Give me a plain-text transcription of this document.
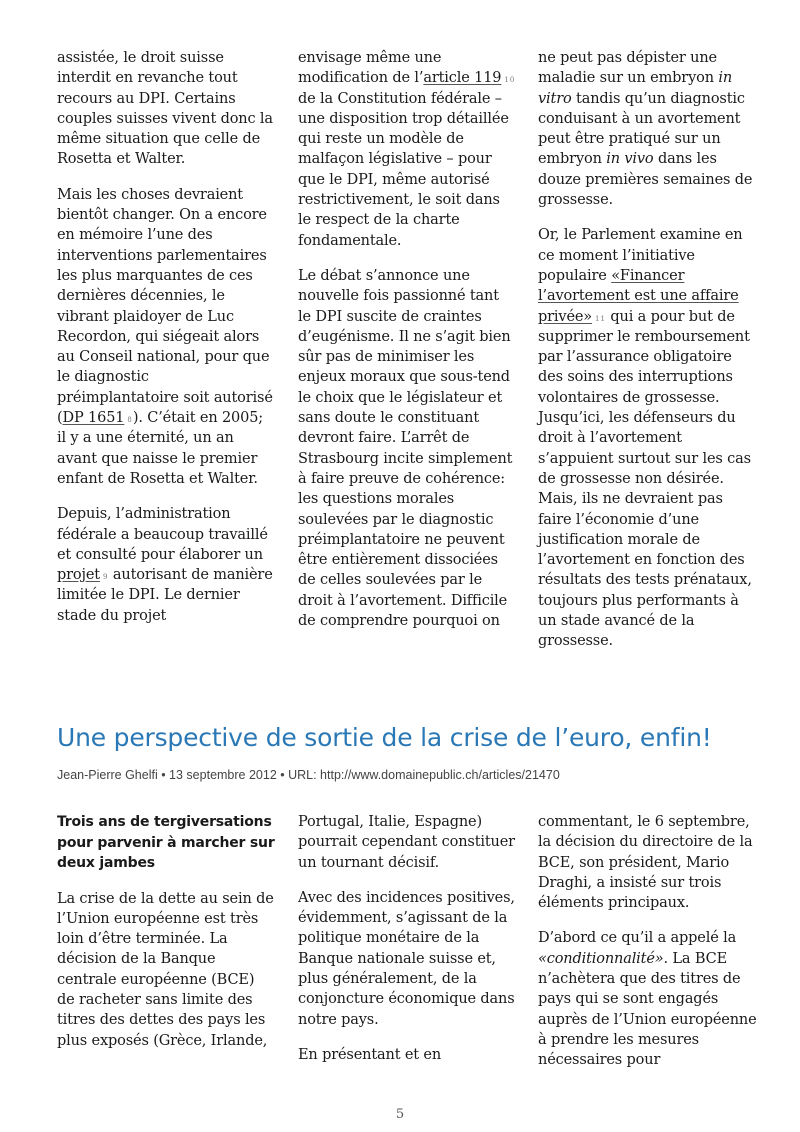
assistée, le droit suisse interdit en revanche tout recours au DPI. Certains couples suisses vivent donc la même situation que celle de Rosetta et Walter.

Mais les choses devraient bientôt changer. On a encore en mémoire l’une des interventions parlementaires les plus marquantes de ces dernières décennies, le vibrant plaidoyer de Luc Recordon, qui siégeait alors au Conseil national, pour que le diagnostic préimplantatoire soit autorisé (DP 1651 $^8$). C’était en 2005; il y a une éternité, un an avant que naisse le premier enfant de Rosetta et Walter.

Depuis, l’administration fédérale a beaucoup travaillé et consulté pour élaborer un projet $^9$ autorisant de manière limitée le DPI. Le dernier stade du projet

envisage même une modification de l’article 119 $^{10}$ de la Constitution fédérale – une disposition trop détaillée qui reste un modèle de malfaçon législative – pour que le DPI, même autorisé restrictivement, le soit dans le respect de la charte fondamentale.

Le débat s’annonce une nouvelle fois passionné tant le DPI suscite de craintes d’eugénisme. Il ne s’agit bien sûr pas de minimiser les enjeux moraux que sous-tend le choix que le législateur et sans doute le constituant devront faire. L’arrêt de Strasbourg incite simplement à faire preuve de cohérence: les questions morales soulevées par le diagnostic préimplantatoire ne peuvent être entièrement dissociées de celles soulevées par le droit à l’avortement. Difficile de comprendre pourquoi on

ne peut pas dépister une maladie sur un embryon in vitro tandis qu’un diagnostic conduisant à un avortement peut être pratiqué sur un embryon in vivo dans les douze premières semaines de grossesse.

Or, le Parlement examine en ce moment l’initiative populaire «Financer l’avortement est une affaire privée» $^{11}$ qui a pour but de supprimer le remboursement par l’assurance obligatoire des soins des interruptions volontaires de grossesse. Jusqu’ici, les défenseurs du droit à l’avortement s’appuient surtout sur les cas de grossesse non désirée. Mais, ils ne devraient pas faire l’économie d’une justification morale de l’avortement en fonction des résultats des tests prénataux, toujours plus performants à un stade avancé de la grossesse.

Une perspective de sortie de la crise de l’euro, enfin!

Jean-Pierre Ghelfi • 13 septembre 2012 • URL: http://www.domainepublic.ch/articles/21470

Trois ans de tergiversations pour parvenir à marcher sur deux jambes

La crise de la dette au sein de l’Union européenne est très loin d’être terminée. La décision de la Banque centrale européenne (BCE) de racheter sans limite des titres des dettes des pays les plus exposés (Grèce, Irlande,

Portugal, Italie, Espagne) pourrait cependant constituer un tournant décisif.

Avec des incidences positives, évidemment, s’agissant de la politique monétaire de la Banque nationale suisse et, plus généralement, de la conjoncture économique dans notre pays.

En présentant et en

commentant, le 6 septembre, la décision du directoire de la BCE, son président, Mario Draghi, a insisté sur trois éléments principaux.

D’abord ce qu’il a appelé la «conditionnalité». La BCE n’achètera que des titres de pays qui se sont engagés auprès de l’Union européenne à prendre les mesures nécessaires pour

5
